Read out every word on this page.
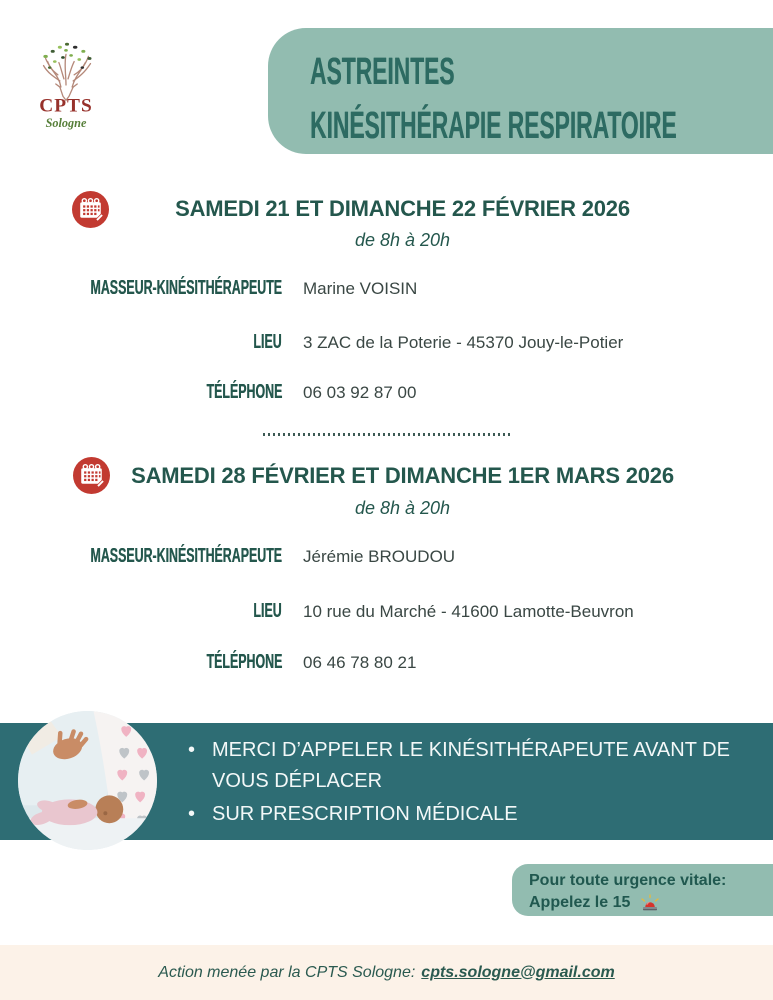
CPTS
Sologne
ASTREINTES
KINÉSITHÉRAPIE RESPIRATOIRE
SAMEDI 21 ET DIMANCHE 22 FÉVRIER 2026
de 8h à 20h
MASSEUR-KINÉSITHÉRAPEUTE Marine VOISIN
LIEU 3 ZAC de la Poterie - 45370 Jouy-le-Potier
TÉLÉPHONE 06 03 92 87 00
SAMEDI 28 FÉVRIER ET DIMANCHE 1ER MARS 2026
de 8h à 20h
MASSEUR-KINÉSITHÉRAPEUTE Jérémie BROUDOU
LIEU 10 rue du Marché - 41600 Lamotte-Beuvron
TÉLÉPHONE 06 46 78 80 21
• MERCI D’APPELER LE KINÉSITHÉRAPEUTE AVANT DE VOUS DÉPLACER
• SUR PRESCRIPTION MÉDICALE
Pour toute urgence vitale:
Appelez le 15
Action menée par la CPTS Sologne: cpts.sologne@gmail.com
